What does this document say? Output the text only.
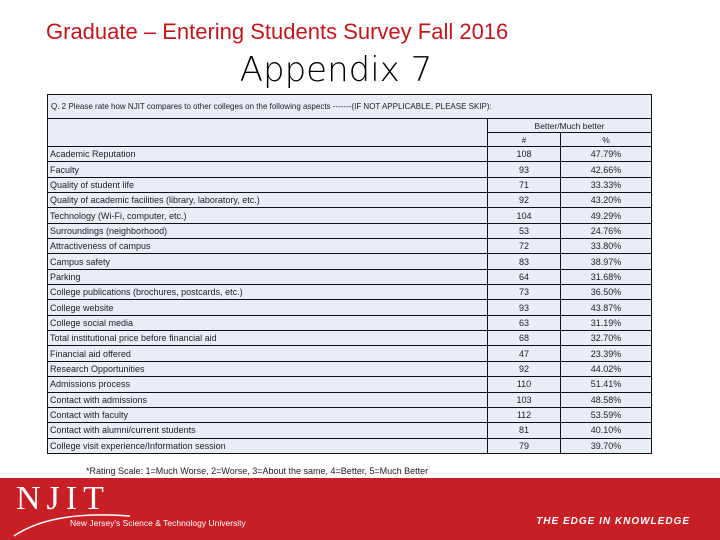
Graduate – Entering Students Survey Fall 2016
Appendix 7
Q. 2 Please rate how NJIT compares to other colleges on the following aspects -------(IF NOT APPLICABLE, PLEASE SKIP):		
	Better/Much better	
	#	%
Academic Reputation	108	47.79%
Faculty	93	42.66%
Quality of student life	71	33.33%
Quality of academic facilities (library, laboratory, etc.)	92	43.20%
Technology (Wi-Fi, computer, etc.)	104	49.29%
Surroundings (neighborhood)	53	24.76%
Attractiveness of campus	72	33.80%
Campus safety	83	38.97%
Parking	64	31.68%
College publications (brochures, postcards, etc.)	73	36.50%
College website	93	43.87%
College social media	63	31.19%
Total institutional price before financial aid	68	32.70%
Financial aid offered	47	23.39%
Research Opportunities	92	44.02%
Admissions process	110	51.41%
Contact with admissions	103	48.58%
Contact with faculty	112	53.59%
Contact with alumni/current students	81	40.10%
College visit experience/Information session	79	39.70%
*Rating Scale: 1=Much Worse, 2=Worse, 3=About the same, 4=Better, 5=Much Better
NJIT
New Jersey's Science & Technology University	THE EDGE IN KNOWLEDGE
